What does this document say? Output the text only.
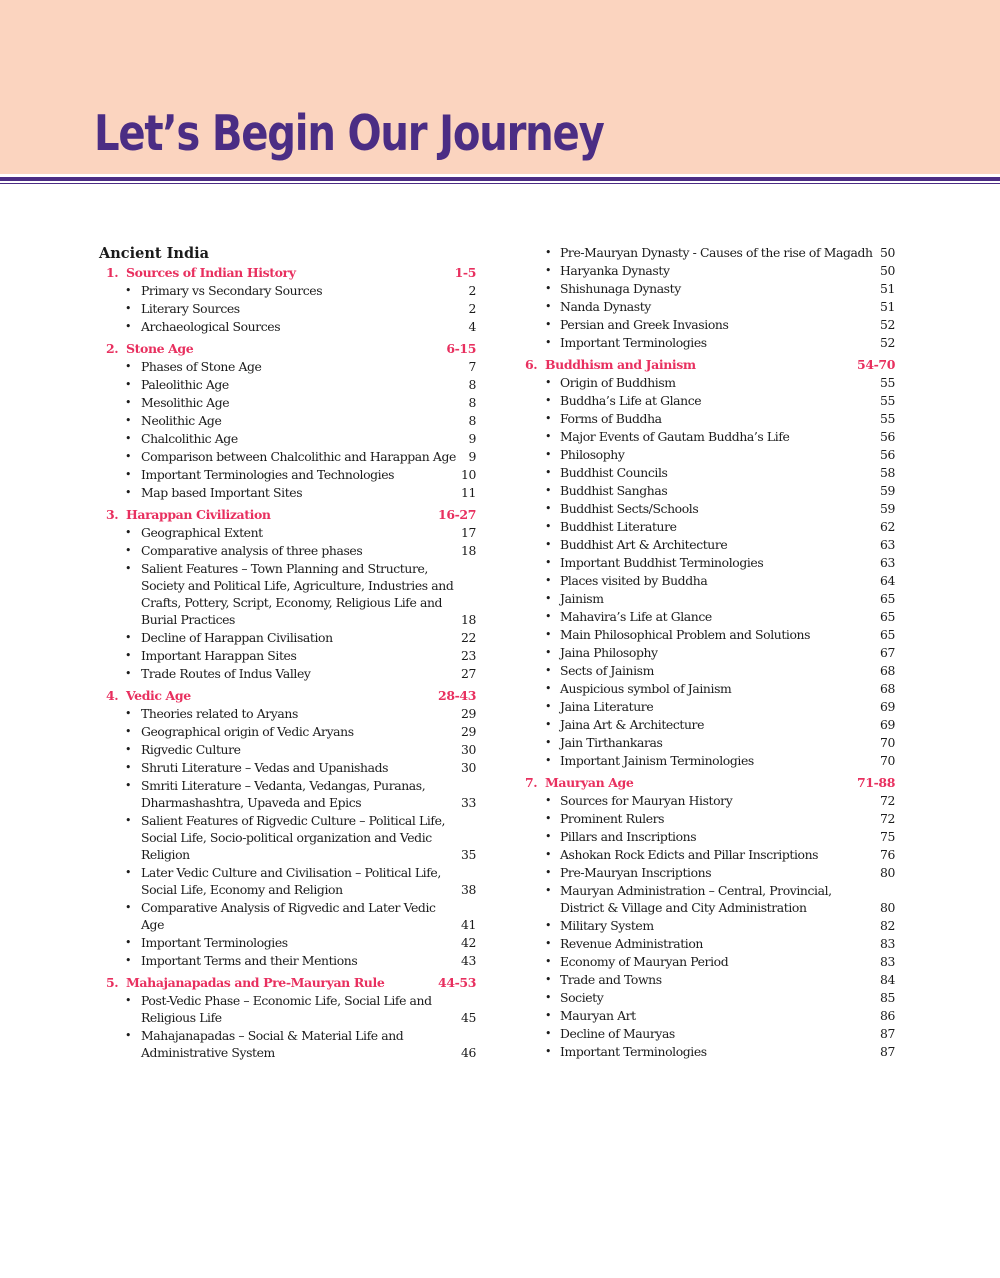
Let’s Begin Our Journey
Ancient India
1. Sources of Indian History	1-5
• Primary vs Secondary Sources	2
• Literary Sources	2
• Archaeological Sources	4
2. Stone Age	6-15
• Phases of Stone Age	7
• Paleolithic Age	8
• Mesolithic Age	8
• Neolithic Age	8
• Chalcolithic Age	9
• Comparison between Chalcolithic and Harappan Age	9
• Important Terminologies and Technologies	10
• Map based Important Sites	11
3. Harappan Civilization	16-27
• Geographical Extent	17
• Comparative analysis of three phases	18
• Salient Features – Town Planning and Structure, Society and Political Life, Agriculture, Industries and Crafts, Pottery, Script, Economy, Religious Life and Burial Practices	18
• Decline of Harappan Civilisation	22
• Important Harappan Sites	23
• Trade Routes of Indus Valley	27
4. Vedic Age	28-43
• Theories related to Aryans	29
• Geographical origin of Vedic Aryans	29
• Rigvedic Culture	30
• Shruti Literature – Vedas and Upanishads	30
• Smriti Literature – Vedanta, Vedangas, Puranas, Dharmashashtra, Upaveda and Epics	33
• Salient Features of Rigvedic Culture – Political Life, Social Life, Socio-political organization and Vedic Religion	35
• Later Vedic Culture and Civilisation – Political Life, Social Life, Economy and Religion	38
• Comparative Analysis of Rigvedic and Later Vedic Age	41
• Important Terminologies	42
• Important Terms and their Mentions	43
5. Mahajanapadas and Pre-Mauryan Rule	44-53
• Post-Vedic Phase – Economic Life, Social Life and Religious Life	45
• Mahajanapadas – Social & Material Life and Administrative System	46
• Pre-Mauryan Dynasty - Causes of the rise of Magadh 50
• Haryanka Dynasty	50
• Shishunaga Dynasty	51
• Nanda Dynasty	51
• Persian and Greek Invasions	52
• Important Terminologies	52
6. Buddhism and Jainism	54-70
• Origin of Buddhism	55
• Buddha’s Life at Glance	55
• Forms of Buddha	55
• Major Events of Gautam Buddha’s Life	56
• Philosophy	56
• Buddhist Councils	58
• Buddhist Sanghas	59
• Buddhist Sects/Schools	59
• Buddhist Literature	62
• Buddhist Art & Architecture	63
• Important Buddhist Terminologies	63
• Places visited by Buddha	64
• Jainism	65
• Mahavira’s Life at Glance	65
• Main Philosophical Problem and Solutions	65
• Jaina Philosophy	67
• Sects of Jainism	68
• Auspicious symbol of Jainism	68
• Jaina Literature	69
• Jaina Art & Architecture	69
• Jain Tirthankaras	70
• Important Jainism Terminologies	70
7. Mauryan Age	71-88
• Sources for Mauryan History	72
• Prominent Rulers	72
• Pillars and Inscriptions	75
• Ashokan Rock Edicts and Pillar Inscriptions	76
• Pre-Mauryan Inscriptions	80
• Mauryan Administration – Central, Provincial, District & Village and City Administration	80
• Military System	82
• Revenue Administration	83
• Economy of Mauryan Period	83
• Trade and Towns	84
• Society	85
• Mauryan Art	86
• Decline of Mauryas	87
• Important Terminologies	87
